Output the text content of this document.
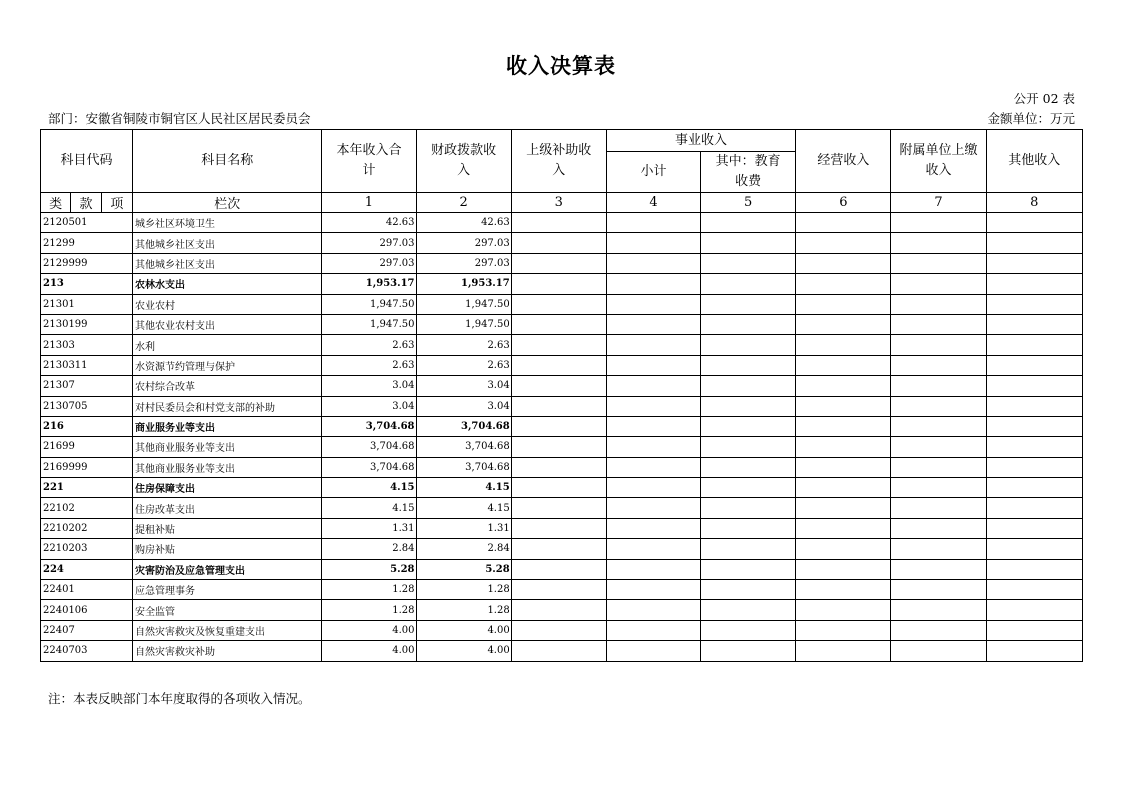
收入决算表
公开 02 表
部门：安徽省铜陵市铜官区人民社区居民委员会	金额单位：万元
科目代码			科目名称	本年收入合计	财政拨款收入	上级补助收入	事业收入		经营收入	附属单位上缴收入	其他收入
							小计	其中：教育收费			
类	款	项	栏次	1	2	3	4	5	6	7	8
2120501			城乡社区环境卫生	42.63	42.63						
21299			其他城乡社区支出	297.03	297.03						
2129999			其他城乡社区支出	297.03	297.03						
213			农林水支出	1,953.17	1,953.17						
21301			农业农村	1,947.50	1,947.50						
2130199			其他农业农村支出	1,947.50	1,947.50						
21303			水利	2.63	2.63						
2130311			水资源节约管理与保护	2.63	2.63						
21307			农村综合改革	3.04	3.04						
2130705			对村民委员会和村党支部的补助	3.04	3.04						
216			商业服务业等支出	3,704.68	3,704.68						
21699			其他商业服务业等支出	3,704.68	3,704.68						
2169999			其他商业服务业等支出	3,704.68	3,704.68						
221			住房保障支出	4.15	4.15						
22102			住房改革支出	4.15	4.15						
2210202			提租补贴	1.31	1.31						
2210203			购房补贴	2.84	2.84						
224			灾害防治及应急管理支出	5.28	5.28						
22401			应急管理事务	1.28	1.28						
2240106			安全监管	1.28	1.28						
22407			自然灾害救灾及恢复重建支出	4.00	4.00						
2240703			自然灾害救灾补助	4.00	4.00						
注：本表反映部门本年度取得的各项收入情况。
